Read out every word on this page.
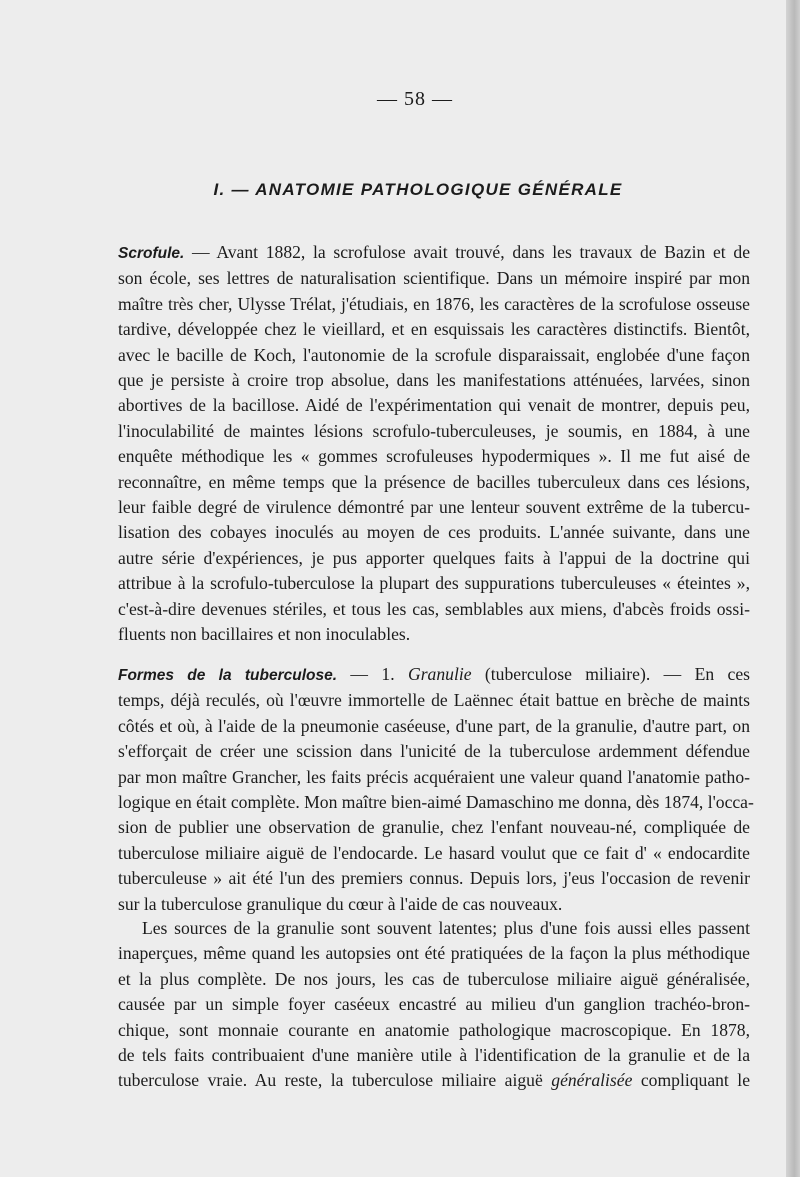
— 58 —
I. — ANATOMIE PATHOLOGIQUE GÉNÉRALE
Scrofule. — Avant 1882, la scrofulose avait trouvé, dans les travaux de Bazin et de
son école, ses lettres de naturalisation scientifique. Dans un mémoire inspiré par mon
maître très cher, Ulysse Trélat, j'étudiais, en 1876, les caractères de la scrofulose osseuse
tardive, développée chez le vieillard, et en esquissais les caractères distinctifs. Bientôt,
avec le bacille de Koch, l'autonomie de la scrofule disparaissait, englobée d'une façon
que je persiste à croire trop absolue, dans les manifestations atténuées, larvées, sinon
abortives de la bacillose. Aidé de l'expérimentation qui venait de montrer, depuis peu,
l'inoculabilité de maintes lésions scrofulo-tuberculeuses, je soumis, en 1884, à une
enquête méthodique les « gommes scrofuleuses hypodermiques ». Il me fut aisé de
reconnaître, en même temps que la présence de bacilles tuberculeux dans ces lésions,
leur faible degré de virulence démontré par une lenteur souvent extrême de la tubercu-
lisation des cobayes inoculés au moyen de ces produits. L'année suivante, dans une
autre série d'expériences, je pus apporter quelques faits à l'appui de la doctrine qui
attribue à la scrofulo-tuberculose la plupart des suppurations tuberculeuses « éteintes »,
c'est-à-dire devenues stériles, et tous les cas, semblables aux miens, d'abcès froids ossi-
fluents non bacillaires et non inoculables.
Formes de la tuberculose. — 1. Granulie (tuberculose miliaire). — En ces
temps, déjà reculés, où l'œuvre immortelle de Laënnec était battue en brèche de maints
côtés et où, à l'aide de la pneumonie caséeuse, d'une part, de la granulie, d'autre part, on
s'efforçait de créer une scission dans l'unicité de la tuberculose ardemment défendue
par mon maître Grancher, les faits précis acquéraient une valeur quand l'anatomie patho-
logique en était complète. Mon maître bien-aimé Damaschino me donna, dès 1874, l'occa-
sion de publier une observation de granulie, chez l'enfant nouveau-né, compliquée de
tuberculose miliaire aiguë de l'endocarde. Le hasard voulut que ce fait d' « endocardite
tuberculeuse » ait été l'un des premiers connus. Depuis lors, j'eus l'occasion de revenir
sur la tuberculose granulique du cœur à l'aide de cas nouveaux.
Les sources de la granulie sont souvent latentes; plus d'une fois aussi elles passent
inaperçues, même quand les autopsies ont été pratiquées de la façon la plus méthodique
et la plus complète. De nos jours, les cas de tuberculose miliaire aiguë généralisée,
causée par un simple foyer caséeux encastré au milieu d'un ganglion trachéo-bron-
chique, sont monnaie courante en anatomie pathologique macroscopique. En 1878,
de tels faits contribuaient d'une manière utile à l'identification de la granulie et de la
tuberculose vraie. Au reste, la tuberculose miliaire aiguë généralisée compliquant le
